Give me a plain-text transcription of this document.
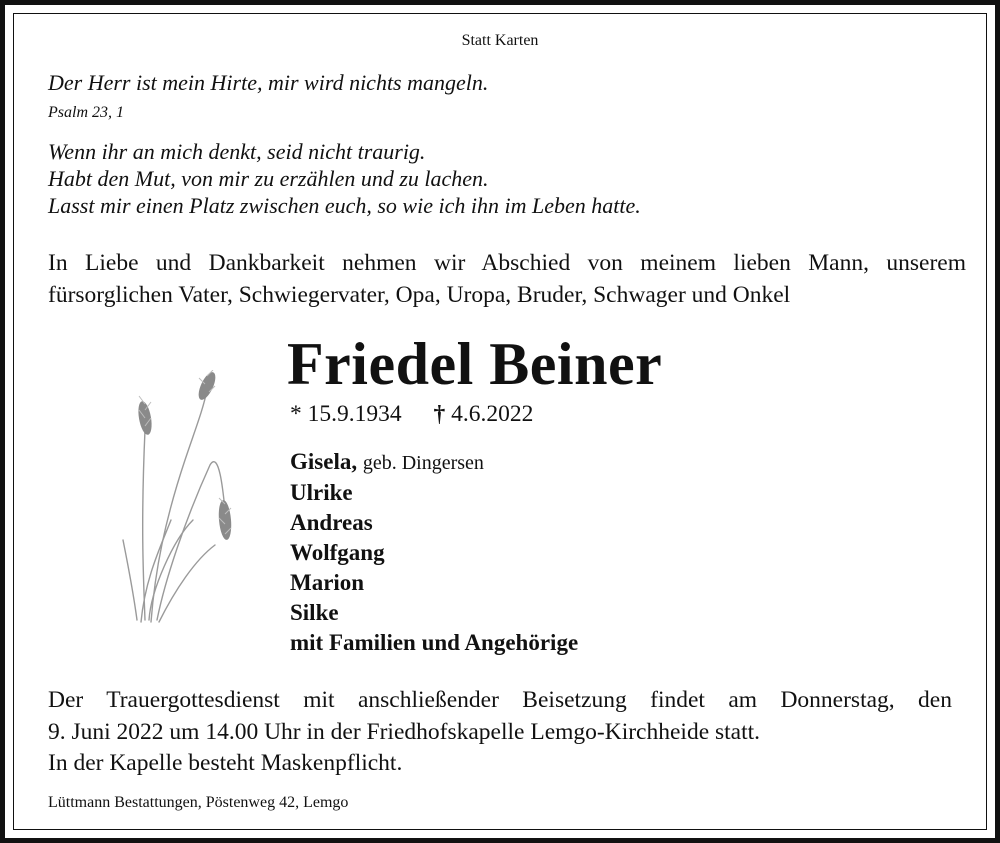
Statt Karten
Der Herr ist mein Hirte, mir wird nichts mangeln.
Psalm 23, 1
Wenn ihr an mich denkt, seid nicht traurig.
Habt den Mut, von mir zu erzählen und zu lachen.
Lasst mir einen Platz zwischen euch, so wie ich ihn im Leben hatte.
In Liebe und Dankbarkeit nehmen wir Abschied von meinem lieben Mann, unserem
fürsorglichen Vater, Schwiegervater, Opa, Uropa, Bruder, Schwager und Onkel
Friedel Beiner
* 15.9.1934 † 4.6.2022
Gisela, geb. Dingersen
Ulrike
Andreas
Wolfgang
Marion
Silke
mit Familien und Angehörige
Der Trauergottesdienst mit anschließender Beisetzung findet am Donnerstag, den
9. Juni 2022 um 14.00 Uhr in der Friedhofskapelle Lemgo-Kirchheide statt.
In der Kapelle besteht Maskenpflicht.
Lüttmann Bestattungen, Pöstenweg 42, Lemgo
